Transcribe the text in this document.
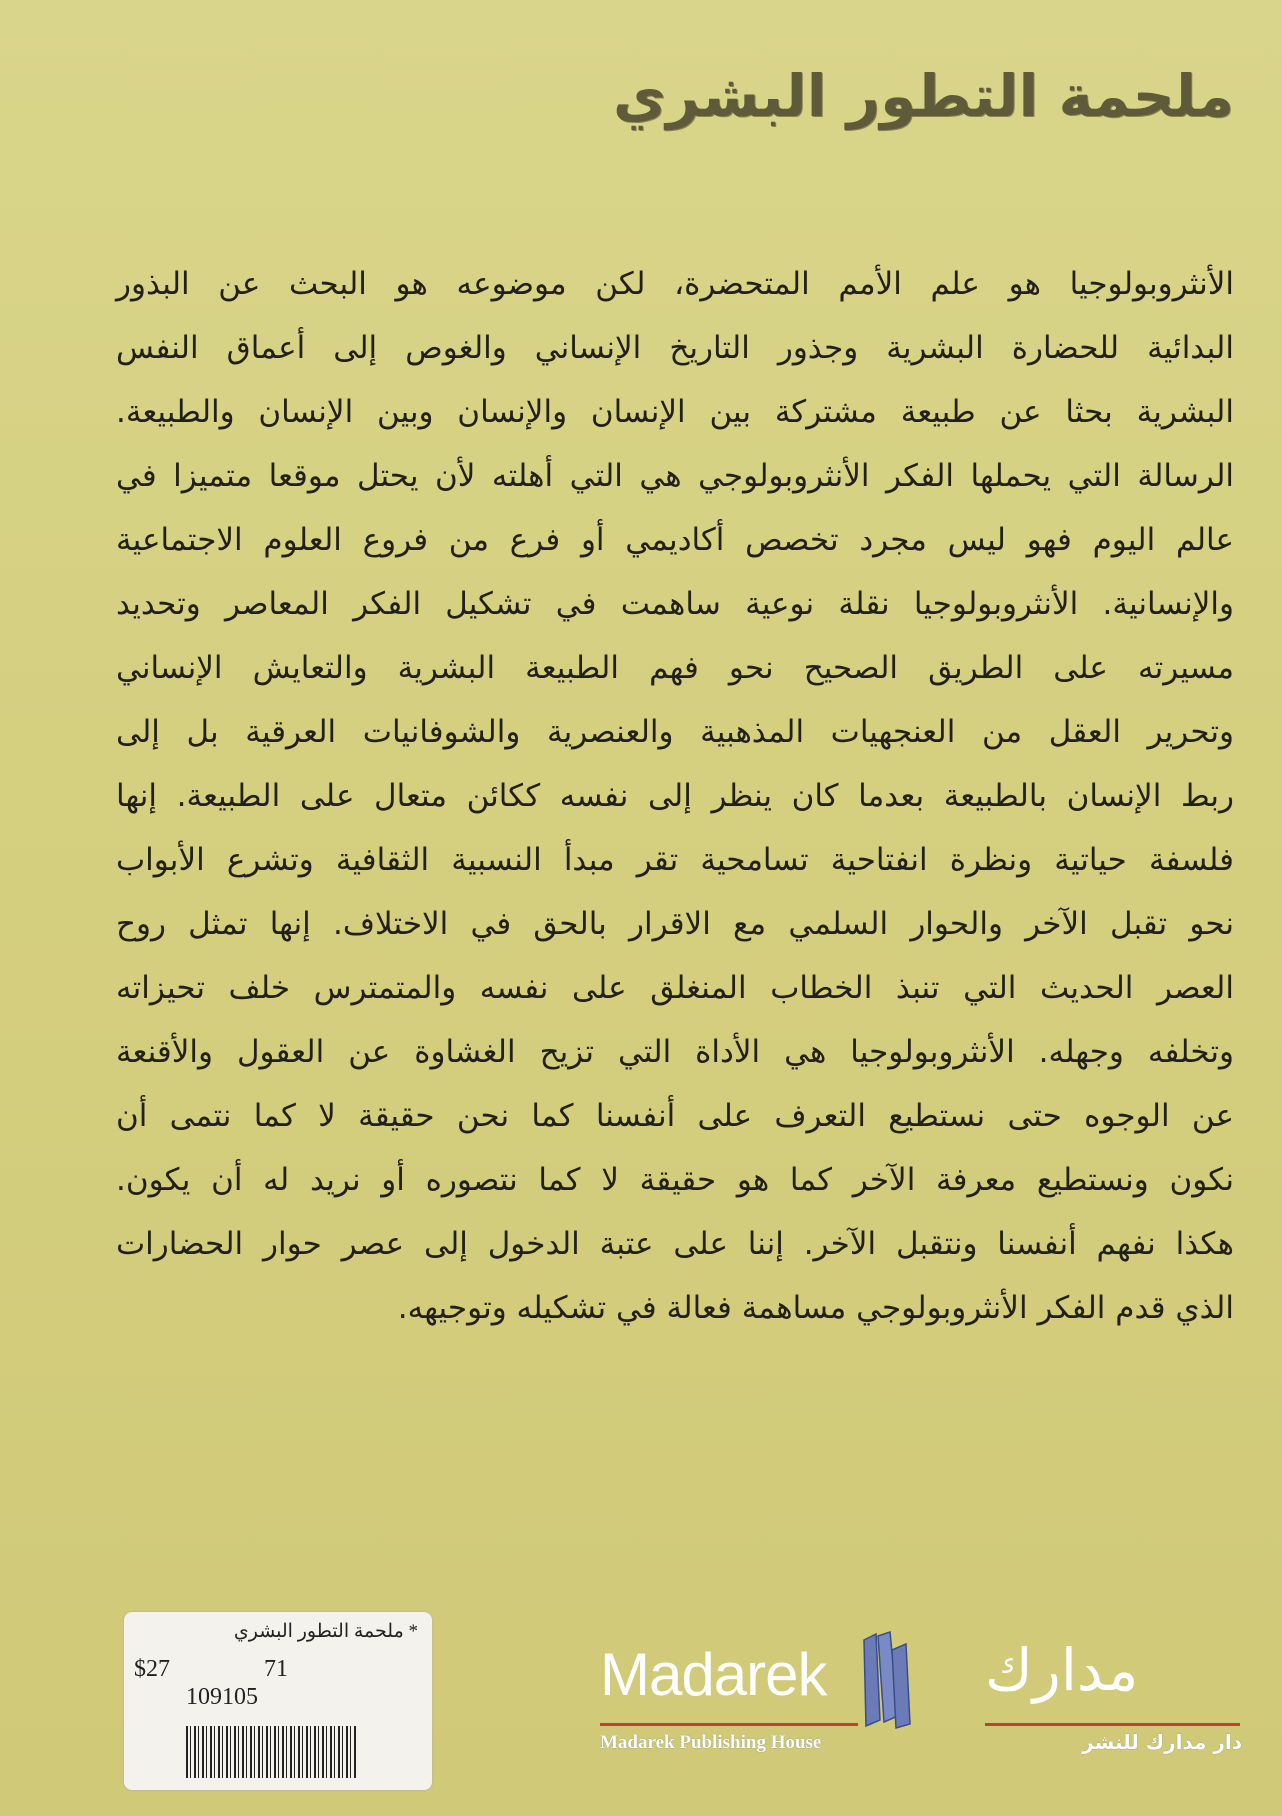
ملحمة التطور البشري
الأنثروبولوجيا هو علم الأمم المتحضرة، لكن موضوعه هو البحث عن البذور
البدائية للحضارة البشرية وجذور التاريخ الإنساني والغوص إلى أعماق النفس
البشرية بحثا عن طبيعة مشتركة بين الإنسان والإنسان وبين الإنسان والطبيعة.
الرسالة التي يحملها الفكر الأنثروبولوجي هي التي أهلته لأن يحتل موقعا متميزا في
عالم اليوم فهو ليس مجرد تخصص أكاديمي أو فرع من فروع العلوم الاجتماعية
والإنسانية. الأنثروبولوجيا نقلة نوعية ساهمت في تشكيل الفكر المعاصر وتحديد
مسيرته على الطريق الصحيح نحو فهم الطبيعة البشرية والتعايش الإنساني
وتحرير العقل من العنجهيات المذهبية والعنصرية والشوفانيات العرقية بل إلى
ربط الإنسان بالطبيعة بعدما كان ينظر إلى نفسه ككائن متعال على الطبيعة. إنها
فلسفة حياتية ونظرة انفتاحية تسامحية تقر مبدأ النسبية الثقافية وتشرع الأبواب
نحو تقبل الآخر والحوار السلمي مع الاقرار بالحق في الاختلاف. إنها تمثل روح
العصر الحديث التي تنبذ الخطاب المنغلق على نفسه والمتمترس خلف تحيزاته
وتخلفه وجهله. الأنثروبولوجيا هي الأداة التي تزيح الغشاوة عن العقول والأقنعة
عن الوجوه حتى نستطيع التعرف على أنفسنا كما نحن حقيقة لا كما نتمى أن
نكون ونستطيع معرفة الآخر كما هو حقيقة لا كما نتصوره أو نريد له أن يكون.
هكذا نفهم أنفسنا ونتقبل الآخر. إننا على عتبة الدخول إلى عصر حوار الحضارات
الذي قدم الفكر الأنثروبولوجي مساهمة فعالة في تشكيله وتوجيهه.
* ملحمة التطور البشري
$27	71
109105	Madarek	مدارك
Madarek Publishing House	دار مدارك للنشر
